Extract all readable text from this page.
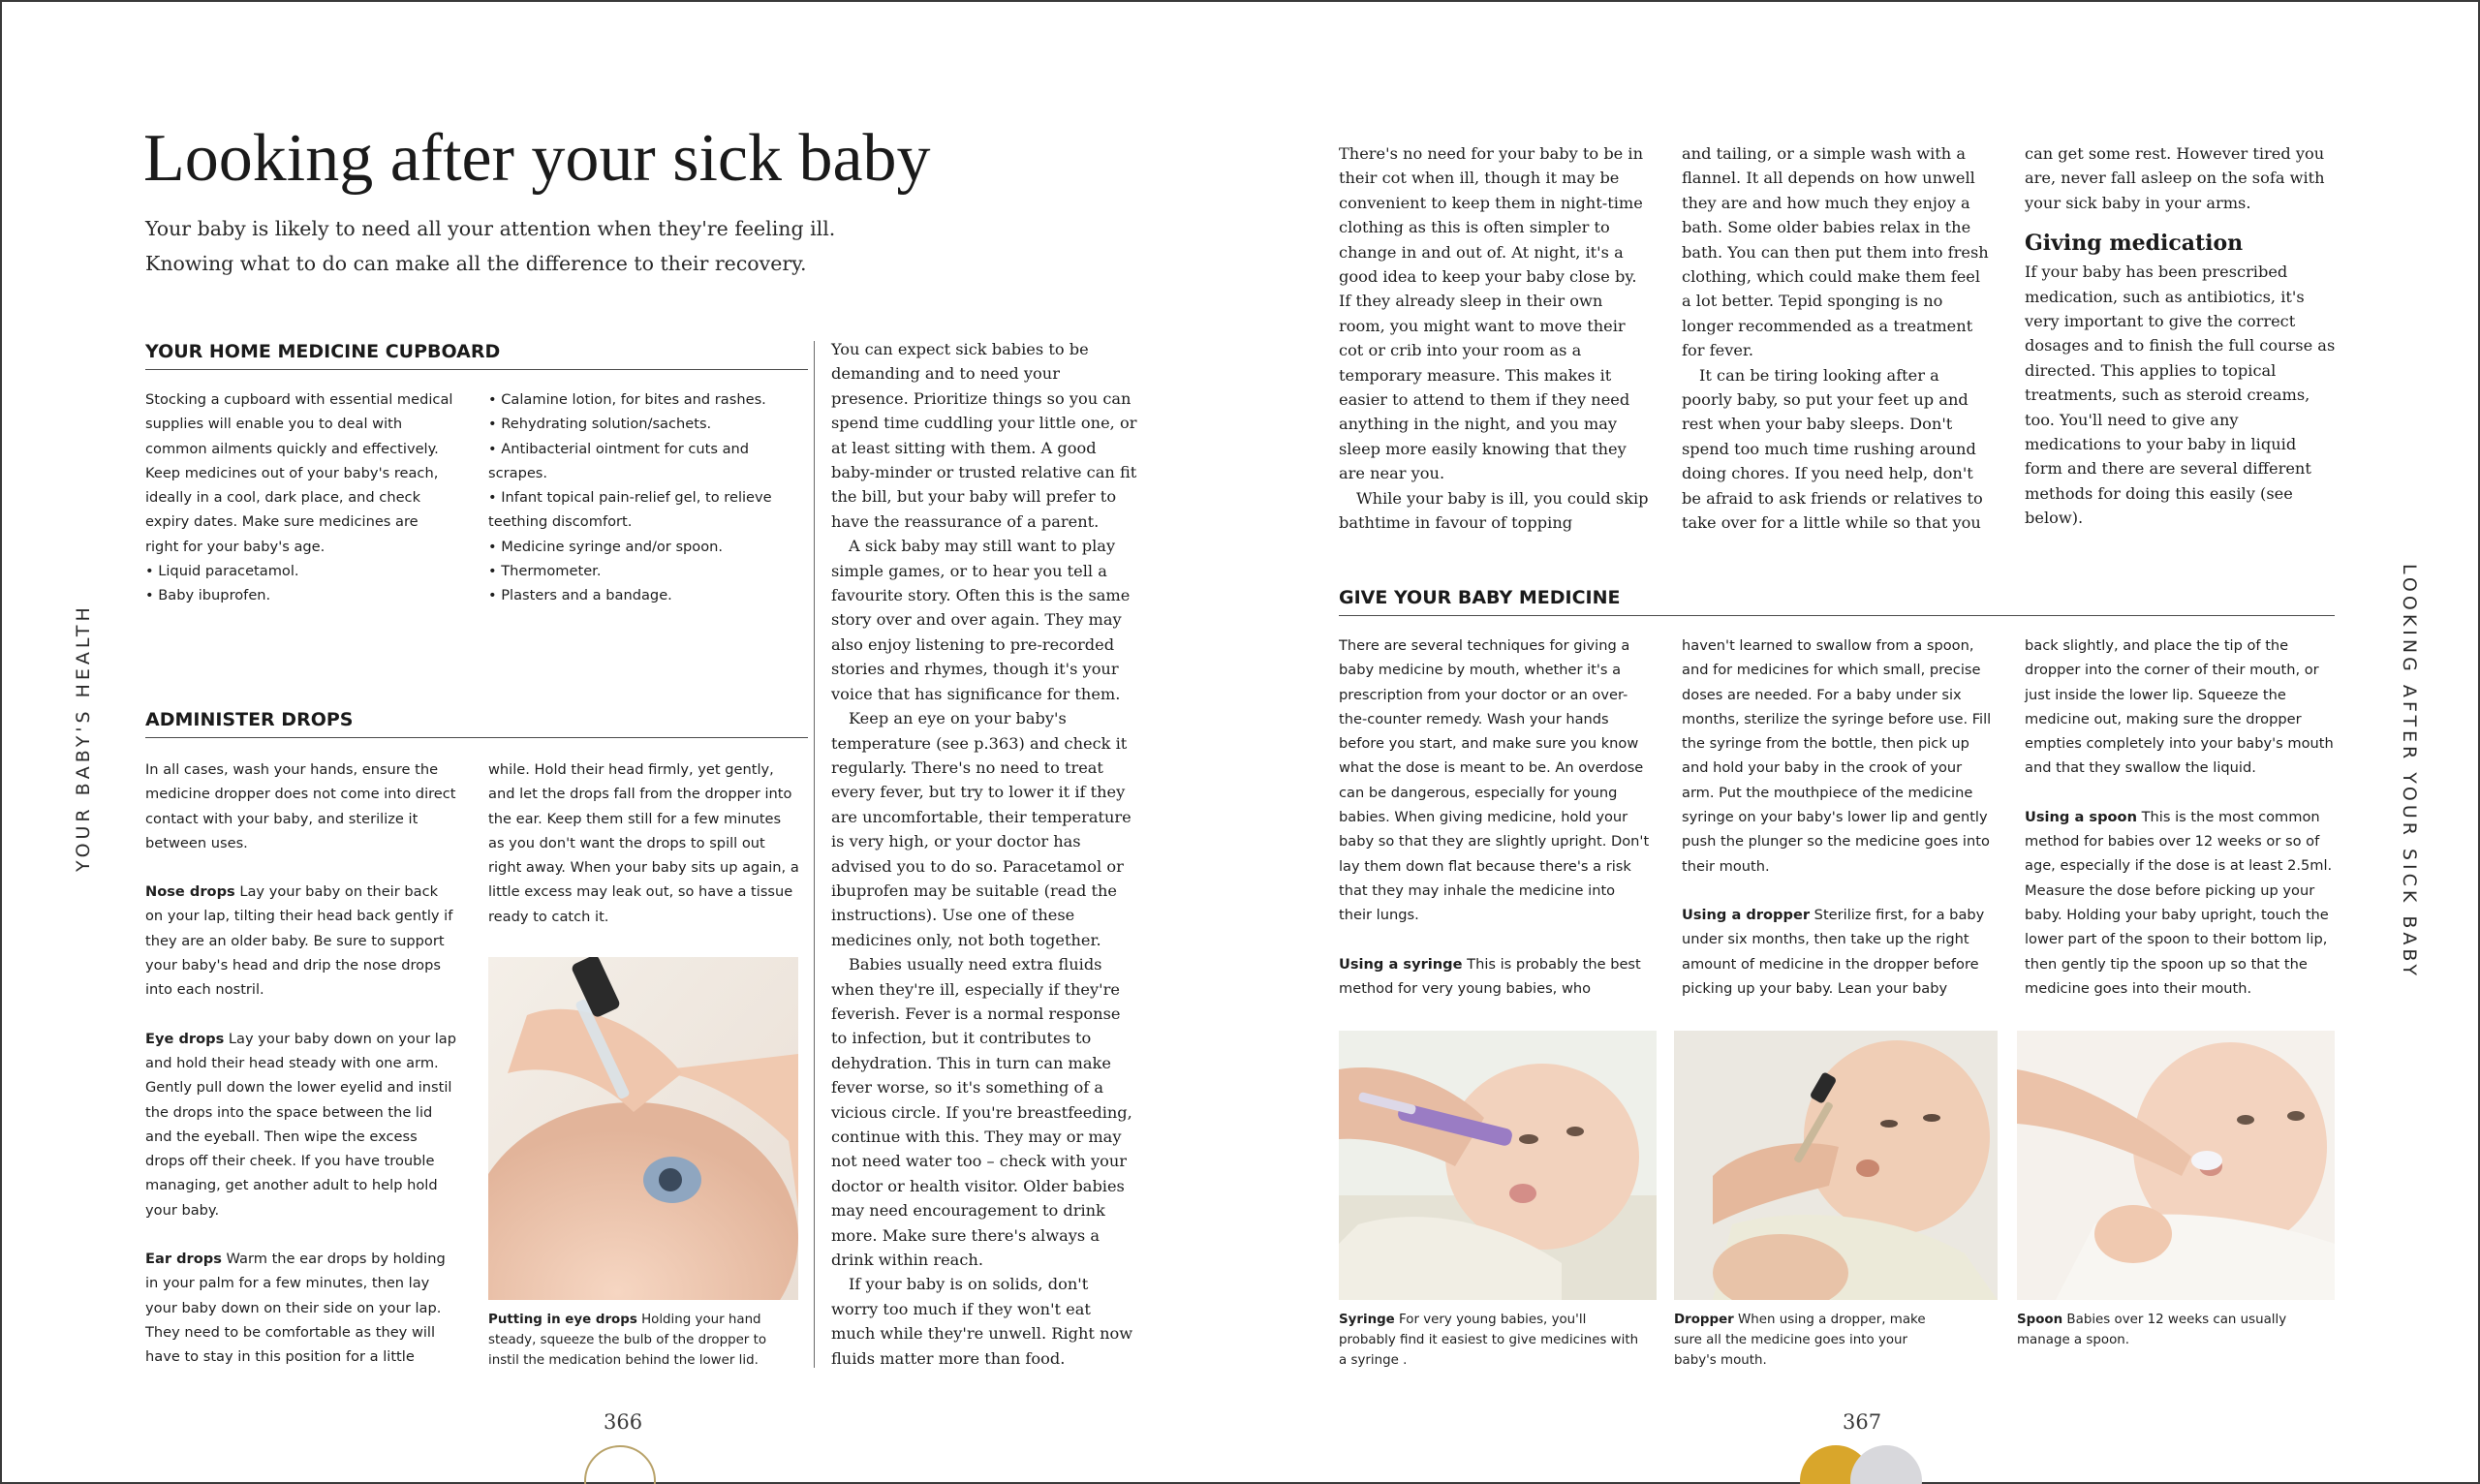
YOUR BABY'S HEALTH	LOOKING AFTER YOUR SICK BABY
Looking after your sick baby

Your baby is likely to need all your attention when they're feeling ill. Knowing what to do can make all the difference to their recovery.

YOUR HOME MEDICINE CUPBOARD

Stocking a cupboard with essential medical supplies will enable you to deal with common ailments quickly and effectively. Keep medicines out of your baby's reach, ideally in a cool, dark place, and check expiry dates. Make sure medicines are right for your baby's age.

• Liquid paracetamol.

• Baby ibuprofen.

• Calamine lotion, for bites and rashes.

• Rehydrating solution/sachets.

• Antibacterial ointment for cuts and scrapes.

• Infant topical pain-relief gel, to relieve teething discomfort.

• Medicine syringe and/or spoon.

• Thermometer.

• Plasters and a bandage.

ADMINISTER DROPS

In all cases, wash your hands, ensure the medicine dropper does not come into direct contact with your baby, and sterilize it between uses.

Nose drops Lay your baby on their back on your lap, tilting their head back gently if they are an older baby. Be sure to support your baby's head and drip the nose drops into each nostril.

Eye drops Lay your baby down on your lap and hold their head steady with one arm. Gently pull down the lower eyelid and instil the drops into the space between the lid and the eyeball. Then wipe the excess drops off their cheek. If you have trouble managing, get another adult to help hold your baby.

Ear drops Warm the ear drops by holding in your palm for a few minutes, then lay your baby down on their side on your lap. They need to be comfortable as they will have to stay in this position for a little

while. Hold their head firmly, yet gently, and let the drops fall from the dropper into the ear. Keep them still for a few minutes as you don't want the drops to spill out right away. When your baby sits up again, a little excess may leak out, so have a tissue ready to catch it.

Putting in eye drops Holding your hand steady, squeeze the bulb of the dropper to instil the medication behind the lower lid.

You can expect sick babies to be demanding and to need your presence. Prioritize things so you can spend time cuddling your little one, or at least sitting with them. A good baby-minder or trusted relative can fit the bill, but your baby will prefer to have the reassurance of a parent.

A sick baby may still want to play simple games, or to hear you tell a favourite story. Often this is the same story over and over again. They may also enjoy listening to pre-recorded stories and rhymes, though it's your voice that has significance for them.

Keep an eye on your baby's temperature (see p.363) and check it regularly. There's no need to treat every fever, but try to lower it if they are uncomfortable, their temperature is very high, or your doctor has advised you to do so. Paracetamol or ibuprofen may be suitable (read the instructions). Use one of these medicines only, not both together.

Babies usually need extra fluids when they're ill, especially if they're feverish. Fever is a normal response to infection, but it contributes to dehydration. This in turn can make fever worse, so it's something of a vicious circle. If you're breastfeeding, continue with this. They may or may not need water too – check with your doctor or health visitor. Older babies may need encouragement to drink more. Make sure there's always a drink within reach.

If your baby is on solids, don't worry too much if they won't eat much while they're unwell. Right now fluids matter more than food.

366

There's no need for your baby to be in their cot when ill, though it may be convenient to keep them in night-time clothing as this is often simpler to change in and out of. At night, it's a good idea to keep your baby close by. If they already sleep in their own room, you might want to move their cot or crib into your room as a temporary measure. This makes it easier to attend to them if they need anything in the night, and you may sleep more easily knowing that they are near you.

While your baby is ill, you could skip bathtime in favour of topping

and tailing, or a simple wash with a flannel. It all depends on how unwell they are and how much they enjoy a bath. Some older babies relax in the bath. You can then put them into fresh clothing, which could make them feel a lot better. Tepid sponging is no longer recommended as a treatment for fever.

It can be tiring looking after a poorly baby, so put your feet up and rest when your baby sleeps. Don't spend too much time rushing around doing chores. If you need help, don't be afraid to ask friends or relatives to take over for a little while so that you

can get some rest. However tired you are, never fall asleep on the sofa with your sick baby in your arms.

Giving medication

If your baby has been prescribed medication, such as antibiotics, it's very important to give the correct dosages and to finish the full course as directed. This applies to topical treatments, such as steroid creams, too. You'll need to give any medications to your baby in liquid form and there are several different methods for doing this easily (see below).

GIVE YOUR BABY MEDICINE

There are several techniques for giving a baby medicine by mouth, whether it's a prescription from your doctor or an over-the-counter remedy. Wash your hands before you start, and make sure you know what the dose is meant to be. An overdose can be dangerous, especially for young babies. When giving medicine, hold your baby so that they are slightly upright. Don't lay them down flat because there's a risk that they may inhale the medicine into their lungs.

Using a syringe This is probably the best method for very young babies, who

haven't learned to swallow from a spoon, and for medicines for which small, precise doses are needed. For a baby under six months, sterilize the syringe before use. Fill the syringe from the bottle, then pick up and hold your baby in the crook of your arm. Put the mouthpiece of the medicine syringe on your baby's lower lip and gently push the plunger so the medicine goes into their mouth.

Using a dropper Sterilize first, for a baby under six months, then take up the right amount of medicine in the dropper before picking up your baby. Lean your baby

back slightly, and place the tip of the dropper into the corner of their mouth, or just inside the lower lip. Squeeze the medicine out, making sure the dropper empties completely into your baby's mouth and that they swallow the liquid.

Using a spoon This is the most common method for babies over 12 weeks or so of age, especially if the dose is at least 2.5ml. Measure the dose before picking up your baby. Holding your baby upright, touch the lower part of the spoon to their bottom lip, then gently tip the spoon up so that the medicine goes into their mouth.

Syringe For very young babies, you'll probably find it easiest to give medicines with a syringe .
Dropper When using a dropper, make sure all the medicine goes into your baby's mouth.
Spoon Babies over 12 weeks can usually manage a spoon.
367
